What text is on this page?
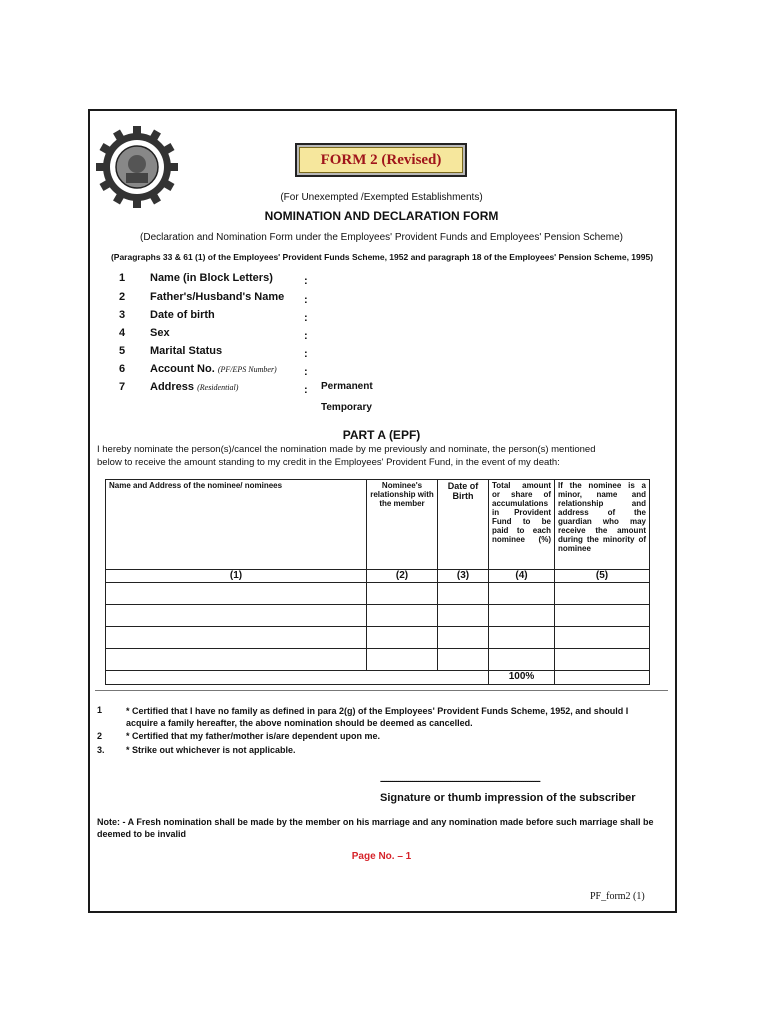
FORM 2 (Revised)
(For Unexempted /Exempted Establishments)
NOMINATION AND DECLARATION FORM
(Declaration and Nomination Form under the Employees' Provident Funds and Employees' Pension Scheme)
(Paragraphs 33 & 61 (1) of the Employees' Provident Funds Scheme, 1952 and paragraph 18 of the Employees' Pension Scheme, 1995)
1	Name (in Block Letters)	:
2	Father's/Husband's Name :
3	Date of birth	:
4	Sex	:
5	Marital Status	:
6	Account No. (PF/EPS Number) :
7	Address (Residential)	: Permanent
Temporary
PART A (EPF)
I hereby nominate the person(s)/cancel the nomination made by me previously and nominate, the person(s) mentioned
below to receive the amount standing to my credit in the Employees' Provident Fund, in the event of my death:
Name and Address of the nominee/ nominees	Nominee's relationship with the member	Date of Birth	Total amount or share of accumulations in Provident Fund to be paid to each nominee (%)	If the nominee is a minor, name and relationship and address of the guardian who may receive the amount during the minority of nominee
(1)	(2)	(3)	(4)	(5)

			100%	
1	* Certified that I have no family as defined in para 2(g) of the Employees' Provident Funds Scheme, 1952, and should I acquire a family hereafter, the above nomination should be deemed as cancelled.
2	* Certified that my father/mother is/are dependent upon me.
3.	* Strike out whichever is not applicable.
--------------------------------------------------------------------------------
Signature or thumb impression of the subscriber
Note: - A Fresh nomination shall be made by the member on his marriage and any nomination made before such marriage shall be deemed to be invalid
Page No. – 1
PF_form2 (1)
